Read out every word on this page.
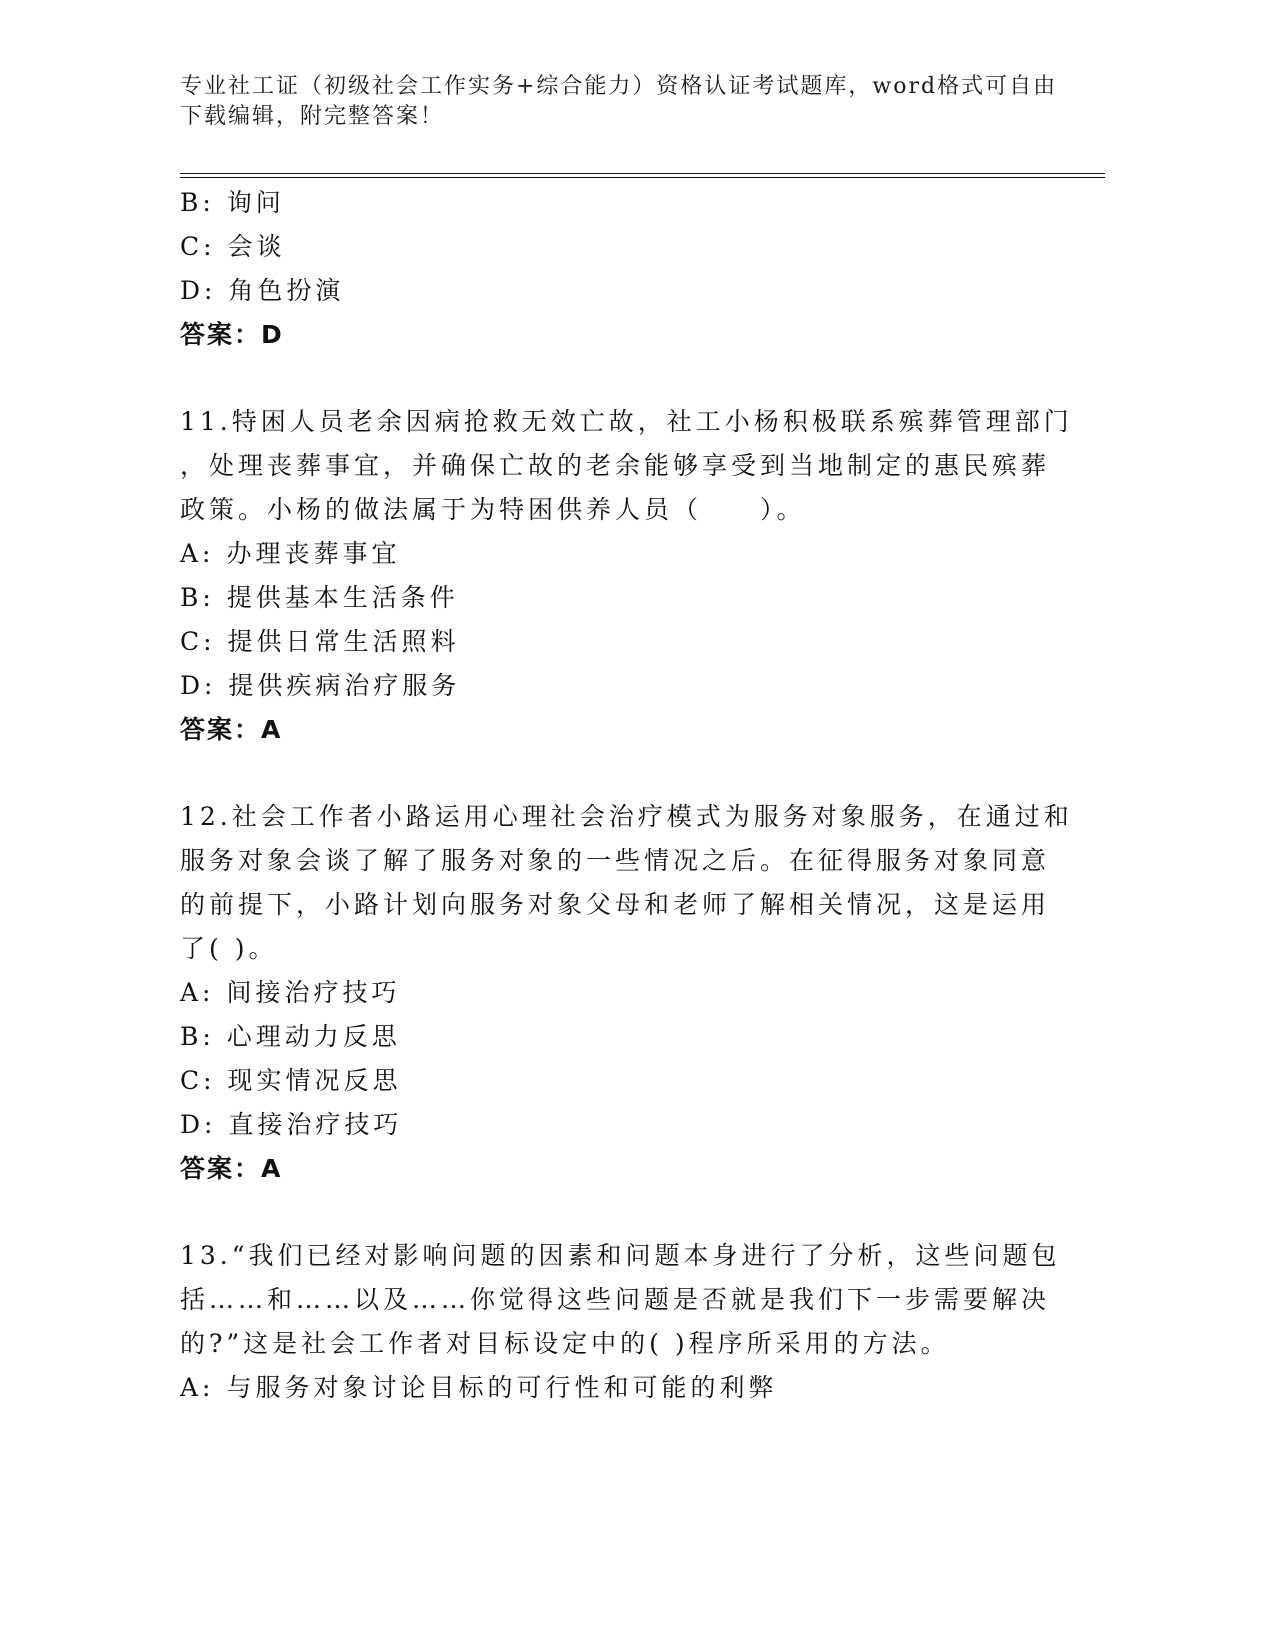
专业社工证（初级社会工作实务+综合能力）资格认证考试题库，word格式可自由
下载编辑，附完整答案！

B: 询问

C: 会谈

D: 角色扮演

答案：D

11.特困人员老余因病抢救无效亡故，社工小杨积极联系殡葬管理部门

，处理丧葬事宜，并确保亡故的老余能够享受到当地制定的惠民殡葬

政策。小杨的做法属于为特困供养人员（　　）。

A: 办理丧葬事宜

B: 提供基本生活条件

C: 提供日常生活照料

D: 提供疾病治疗服务

答案：A

12.社会工作者小路运用心理社会治疗模式为服务对象服务，在通过和

服务对象会谈了解了服务对象的一些情况之后。在征得服务对象同意

的前提下，小路计划向服务对象父母和老师了解相关情况，这是运用

了( )。

A: 间接治疗技巧

B: 心理动力反思

C: 现实情况反思

D: 直接治疗技巧

答案：A

13.“我们已经对影响问题的因素和问题本身进行了分析，这些问题包

括……和……以及……你觉得这些问题是否就是我们下一步需要解决

的?”这是社会工作者对目标设定中的( )程序所采用的方法。

A: 与服务对象讨论目标的可行性和可能的利弊
